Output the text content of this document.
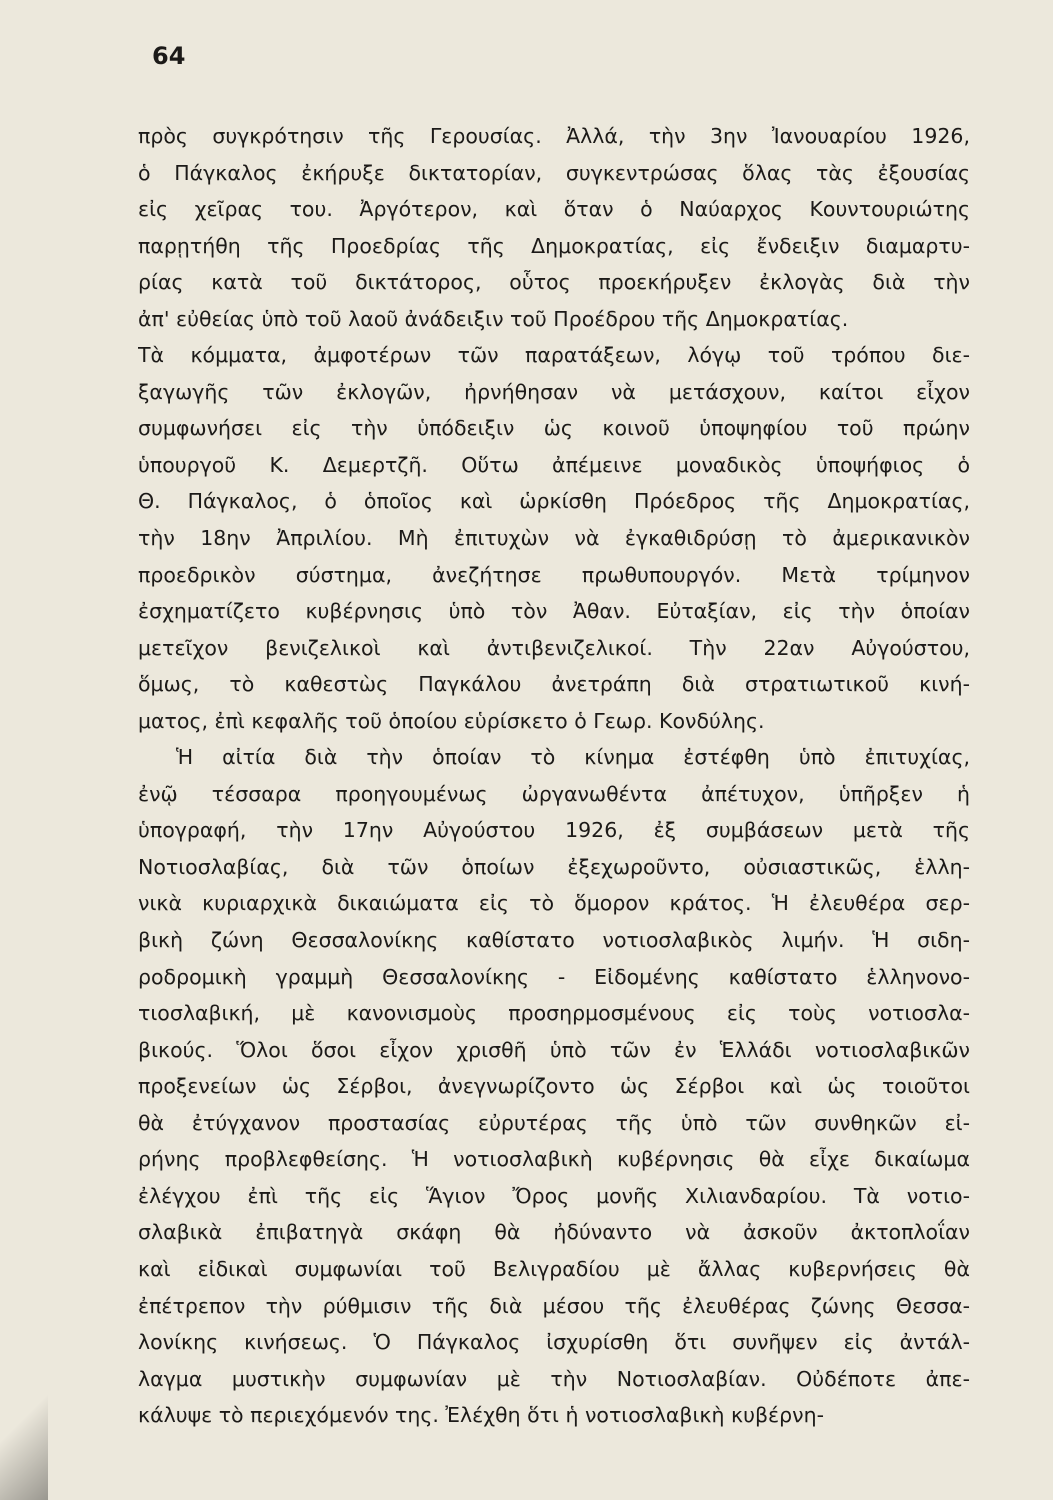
64
πρὸς συγκρότησιν τῆς Γερουσίας. Ἀλλά, τὴν 3ην Ἰανουαρίου 1926,
ὁ Πάγκαλος ἐκήρυξε δικτατορίαν, συγκεντρώσας ὅλας τὰς ἐξουσίας
εἰς χεῖρας του. Ἀργότερον, καὶ ὅταν ὁ Ναύαρχος Κουντουριώτης
παρῃτήθη τῆς Προεδρίας τῆς Δημοκρατίας, εἰς ἔνδειξιν διαμαρτυ-
ρίας κατὰ τοῦ δικτάτορος, οὗτος προεκήρυξεν ἐκλογὰς διὰ τὴν
ἀπ' εὐθείας ὑπὸ τοῦ λαοῦ ἀνάδειξιν τοῦ Προέδρου τῆς Δημοκρατίας.
Τὰ κόμματα, ἀμφοτέρων τῶν παρατάξεων, λόγῳ τοῦ τρόπου διε-
ξαγωγῆς τῶν ἐκλογῶν, ἠρνήθησαν νὰ μετάσχουν, καίτοι εἶχον
συμφωνήσει εἰς τὴν ὑπόδειξιν ὡς κοινοῦ ὑποψηφίου τοῦ πρώην
ὑπουργοῦ Κ. Δεμερτζῆ. Οὕτω ἀπέμεινε μοναδικὸς ὑποψήφιος ὁ
Θ. Πάγκαλος, ὁ ὁποῖος καὶ ὡρκίσθη Πρόεδρος τῆς Δημοκρατίας,
τὴν 18ην Ἀπριλίου. Μὴ ἐπιτυχὼν νὰ ἐγκαθιδρύσῃ τὸ ἀμερικανικὸν
προεδρικὸν σύστημα, ἀνεζήτησε πρωθυπουργόν. Μετὰ τρίμηνον
ἐσχηματίζετο κυβέρνησις ὑπὸ τὸν Ἀθαν. Εὐταξίαν, εἰς τὴν ὁποίαν
μετεῖχον βενιζελικοὶ καὶ ἀντιβενιζελικοί. Τὴν 22αν Αὐγούστου,
ὅμως, τὸ καθεστὼς Παγκάλου ἀνετράπη διὰ στρατιωτικοῦ κινή-
ματος, ἐπὶ κεφαλῆς τοῦ ὁποίου εὑρίσκετο ὁ Γεωρ. Κονδύλης.
Ἡ αἰτία διὰ τὴν ὁποίαν τὸ κίνημα ἐστέφθη ὑπὸ ἐπιτυχίας,
ἐνῷ τέσσαρα προηγουμένως ὠργανωθέντα ἀπέτυχον, ὑπῆρξεν ἡ
ὑπογραφή, τὴν 17ην Αὐγούστου 1926, ἐξ συμβάσεων μετὰ τῆς
Νοτιοσλαβίας, διὰ τῶν ὁποίων ἐξεχωροῦντο, οὐσιαστικῶς, ἑλλη-
νικὰ κυριαρχικὰ δικαιώματα εἰς τὸ ὅμορον κράτος. Ἡ ἐλευθέρα σερ-
βικὴ ζώνη Θεσσαλονίκης καθίστατο νοτιοσλαβικὸς λιμήν. Ἡ σιδη-
ροδρομικὴ γραμμὴ Θεσσαλονίκης - Εἰδομένης καθίστατο ἑλληνονο-
τιοσλαβική, μὲ κανονισμοὺς προσηρμοσμένους εἰς τοὺς νοτιοσλα-
βικούς. Ὅλοι ὅσοι εἶχον χρισθῆ ὑπὸ τῶν ἐν Ἑλλάδι νοτιοσλαβικῶν
προξενείων ὡς Σέρβοι, ἀνεγνωρίζοντο ὡς Σέρβοι καὶ ὡς τοιοῦτοι
θὰ ἐτύγχανον προστασίας εὐρυτέρας τῆς ὑπὸ τῶν συνθηκῶν εἰ-
ρήνης προβλεφθείσης. Ἡ νοτιοσλαβικὴ κυβέρνησις θὰ εἶχε δικαίωμα
ἐλέγχου ἐπὶ τῆς εἰς Ἅγιον Ὄρος μονῆς Χιλιανδαρίου. Τὰ νοτιο-
σλαβικὰ ἐπιβατηγὰ σκάφη θὰ ἠδύναντο νὰ ἀσκοῦν ἀκτοπλοΐαν
καὶ εἰδικαὶ συμφωνίαι τοῦ Βελιγραδίου μὲ ἄλλας κυβερνήσεις θὰ
ἐπέτρεπον τὴν ρύθμισιν τῆς διὰ μέσου τῆς ἐλευθέρας ζώνης Θεσσα-
λονίκης κινήσεως. Ὁ Πάγκαλος ἰσχυρίσθη ὅτι συνῆψεν εἰς ἀντάλ-
λαγμα μυστικὴν συμφωνίαν μὲ τὴν Νοτιοσλαβίαν. Οὐδέποτε ἀπε-
κάλυψε τὸ περιεχόμενόν της. Ἐλέχθη ὅτι ἡ νοτιοσλαβικὴ κυβέρνη-
